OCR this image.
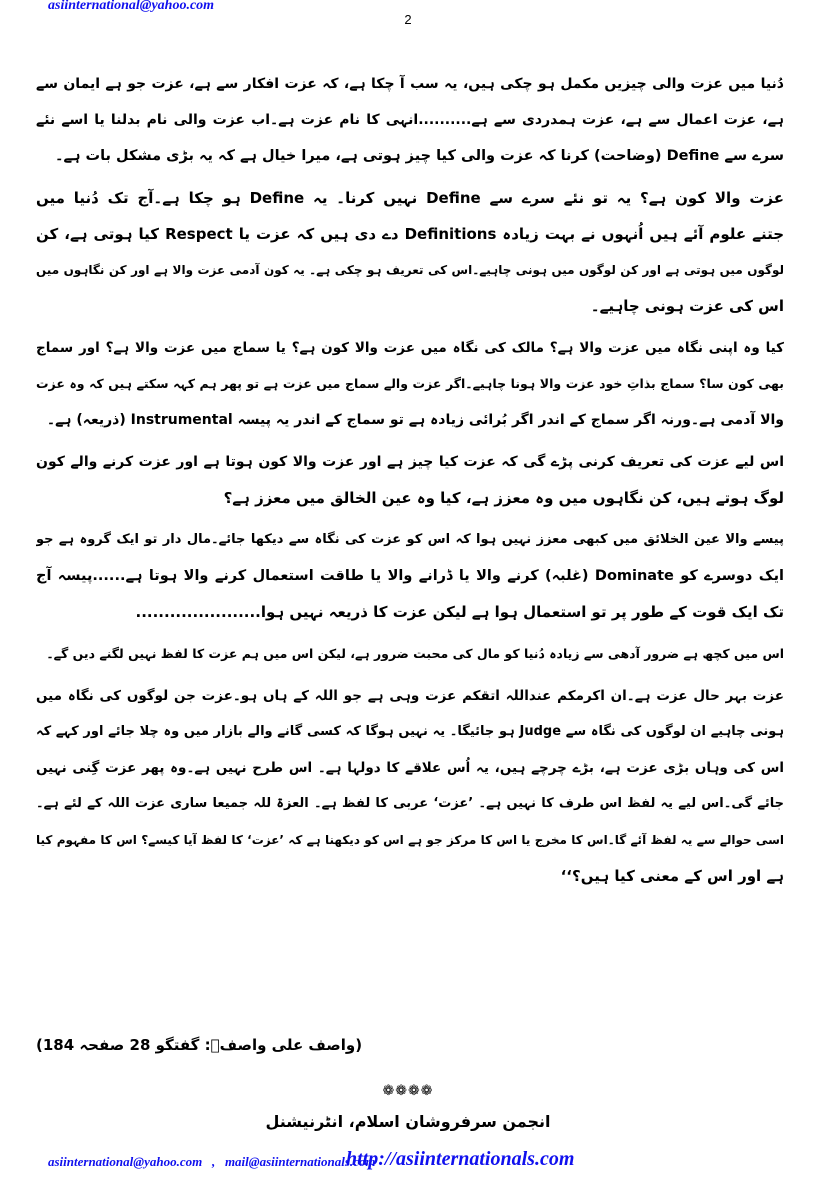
asiinternational@yahoo.com
2
دُنیا میں عزت والی چیزیں مکمل ہو چکی ہیں، یہ سب آ چکا ہے، کہ عزت افکار سے ہے، عزت جو ہے ایمان سے
ہے، عزت اعمال سے ہے، عزت ہمدردی سے ہے..........انہی کا نام عزت ہے۔اب عزت والی نام بدلنا یا اسے نئے
سرے سے Define (وضاحت) کرنا کہ عزت والی کیا چیز ہوتی ہے، میرا خیال ہے کہ یہ بڑی مشکل بات ہے۔
عزت والا کون ہے؟ یہ تو نئے سرے سے Define نہیں کرنا۔ یہ Define ہو چکا ہے۔آج تک دُنیا میں
جتنے علوم آئے ہیں اُنہوں نے بہت زیادہ Definitions دے دی ہیں کہ عزت یا Respect کیا ہوتی ہے، کن
لوگوں میں ہوتی ہے اور کن لوگوں میں ہونی چاہیے۔اس کی تعریف ہو چکی ہے۔ یہ کون آدمی عزت والا ہے اور کن نگاہوں میں
اس کی عزت ہونی چاہیے۔
کیا وہ اپنی نگاہ میں عزت والا ہے؟ مالک کی نگاہ میں عزت والا کون ہے؟ یا سماج میں عزت والا ہے؟ اور سماج
بھی کون سا؟ سماج بذاتِ خود عزت والا ہونا چاہیے۔اگر عزت والے سماج میں عزت ہے تو پھر ہم کہہ سکتے ہیں کہ وہ عزت
والا آدمی ہے۔ورنہ اگر سماج کے اندر اگر بُرائی زیادہ ہے تو سماج کے اندر یہ پیسہ Instrumental (ذریعہ) ہے۔
اس لیے عزت کی تعریف کرنی پڑے گی کہ عزت کیا چیز ہے اور عزت والا کون ہوتا ہے اور عزت کرنے والے کون
لوگ ہوتے ہیں، کن نگاہوں میں وہ معزز ہے، کیا وہ عین الخالق میں معزز ہے؟
پیسے والا عین الخلائق میں کبھی معزز نہیں ہوا کہ اس کو عزت کی نگاہ سے دیکھا جائے۔مال دار تو ایک گروہ ہے جو
ایک دوسرے کو Dominate (غلبہ) کرنے والا یا ڈرانے والا یا طاقت استعمال کرنے والا ہوتا ہے......پیسہ آج
تک ایک قوت کے طور پر تو استعمال ہوا ہے لیکن عزت کا ذریعہ نہیں ہوا......................
اس میں کچھ ہے ضرور آدھی سے زیادہ دُنیا کو مال کی محبت ضرور ہے، لیکن اس میں ہم عزت کا لفظ نہیں لگنے دیں گے۔
عزت بہر حال عزت ہے۔ان اکرمکم عنداللہ اتقکم عزت وہی ہے جو اللہ کے ہاں ہو۔عزت جن لوگوں کی نگاہ میں
ہونی چاہیے ان لوگوں کی نگاہ سے Judge ہو جائیگا۔ یہ نہیں ہوگا کہ کسی گانے والے بازار میں وہ چلا جائے اور کہے کہ
اس کی وہاں بڑی عزت ہے، بڑے چرچے ہیں، یہ اُس علاقے کا دولہا ہے۔ اس طرح نہیں ہے۔وہ پھر عزت گِنی نہیں
جائے گی۔اس لیے یہ لفظ اس طرف کا نہیں ہے۔ ’عزت‘ عربی کا لفظ ہے۔ العزۃ للہ جمیعا ساری عزت اللہ کے لئے ہے۔
اسی حوالے سے یہ لفظ آئے گا۔اس کا مخرج یا اس کا مرکز جو ہے اس کو دیکھنا ہے کہ ’عزت‘ کا لفظ آیا کیسے؟ اس کا مفہوم کیا
ہے اور اس کے معنی کیا ہیں؟‘‘
(واصف علی واصفؒ: گفتگو 28 صفحہ 184)
❁❁❁❁
انجمن سرفروشان اسلام، انٹرنیشنل
asiinternational@yahoo.com   ,   mail@asiinternationals.com
http://asiinternationals.com
